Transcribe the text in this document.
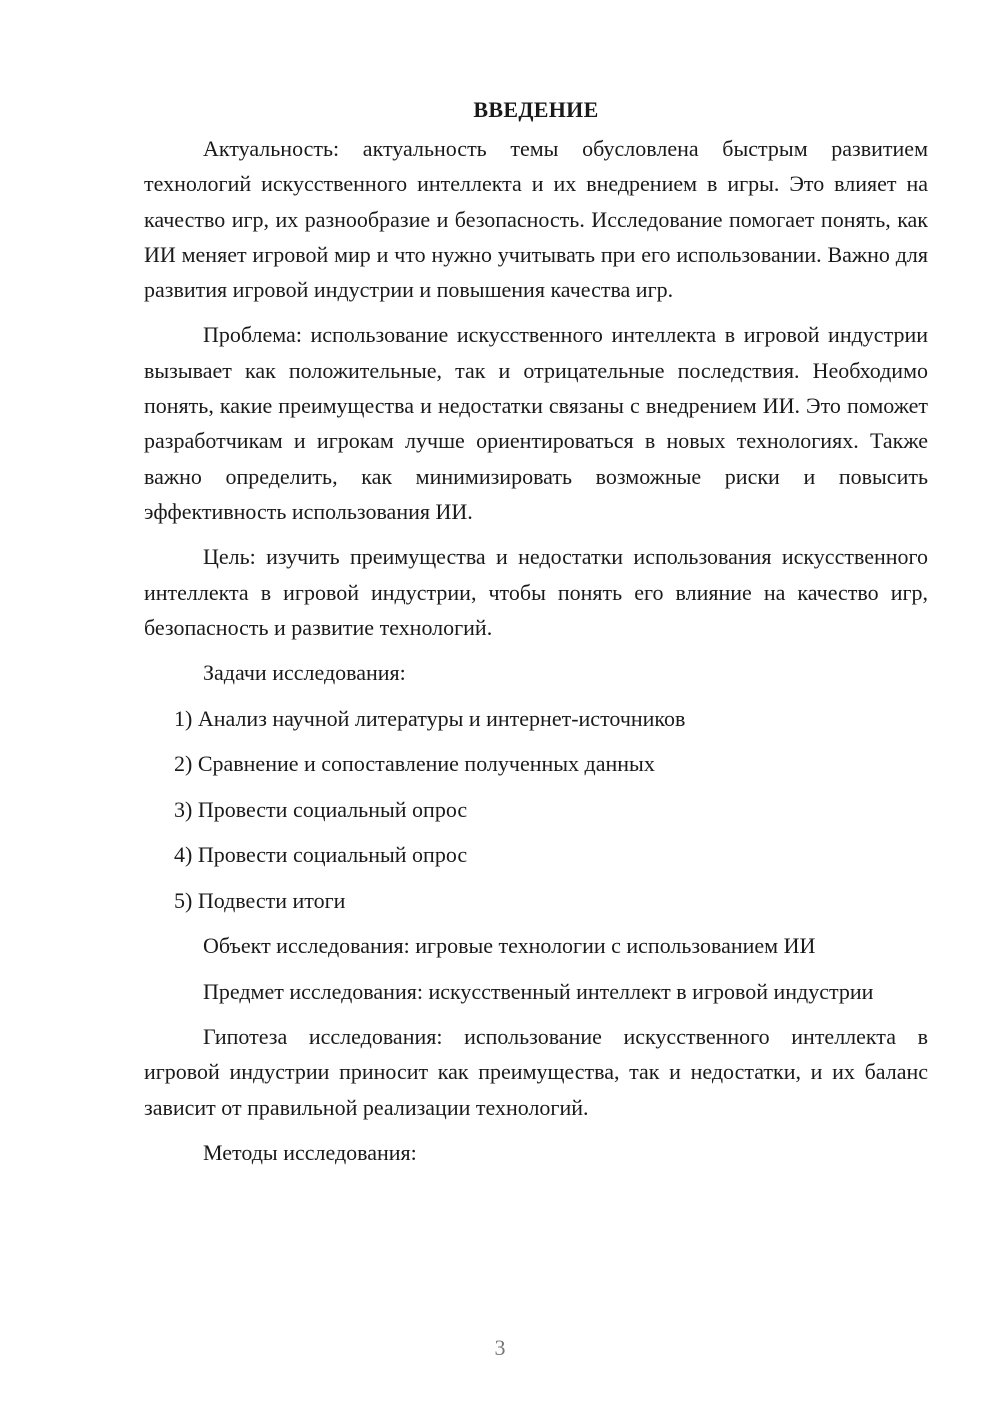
ВВЕДЕНИЕ

Актуальность: актуальность темы обусловлена быстрым развитием технологий искусственного интеллекта и их внедрением в игры. Это влияет на качество игр, их разнообразие и безопасность. Исследование помогает понять, как ИИ меняет игровой мир и что нужно учитывать при его использовании. Важно для развития игровой индустрии и повышения качества игр.

Проблема: использование искусственного интеллекта в игровой индустрии вызывает как положительные, так и отрицательные последствия. Необходимо понять, какие преимущества и недостатки связаны с внедрением ИИ. Это поможет разработчикам и игрокам лучше ориентироваться в новых технологиях. Также важно определить, как минимизировать возможные риски и повысить эффективность использования ИИ.

Цель: изучить преимущества и недостатки использования искусственного интеллекта в игровой индустрии, чтобы понять его влияние на качество игр, безопасность и развитие технологий.

Задачи исследования:
1) Анализ научной литературы и интернет-источников
2) Сравнение и сопоставление полученных данных
3) Провести социальный опрос
4) Провести социальный опрос
5) Подвести итоги
Объект исследования: игровые технологии с использованием ИИ

Предмет исследования: искусственный интеллект в игровой индустрии

Гипотеза исследования: использование искусственного интеллекта в игровой индустрии приносит как преимущества, так и недостатки, и их баланс зависит от правильной реализации технологий.

Методы исследования:
3
